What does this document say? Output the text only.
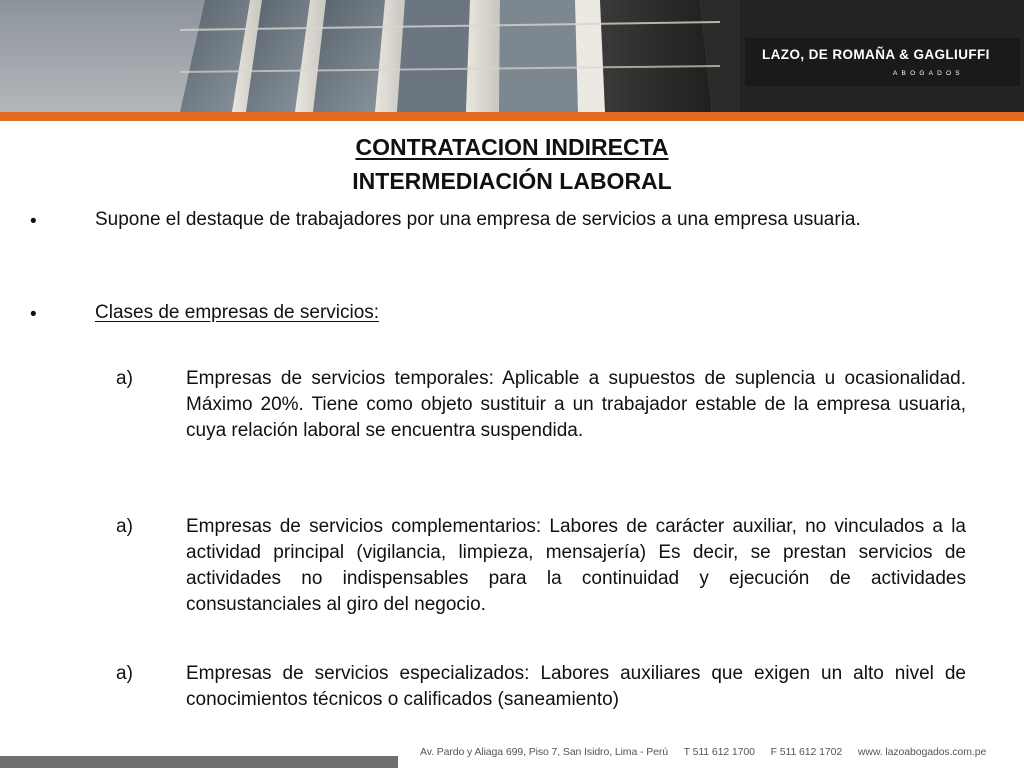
LAZO, DE ROMAÑA & GAGLIUFFI
ABOGADOS
CONTRATACION INDIRECTA
INTERMEDIACIÓN LABORAL
•	Supone el destaque de trabajadores por una empresa de servicios a una empresa usuaria.
•	Clases de empresas de servicios:
a)	Empresas de servicios temporales: Aplicable a supuestos de suplencia u ocasionalidad. Máximo 20%. Tiene como objeto sustituir a un trabajador estable de la empresa usuaria, cuya relación laboral se encuentra suspendida.
a)	Empresas de servicios complementarios: Labores de carácter auxiliar, no vinculados a la actividad principal (vigilancia, limpieza, mensajería) Es decir, se prestan servicios de actividades no indispensables para la continuidad y ejecución de actividades consustanciales al giro del negocio.
a)	Empresas de servicios especializados: Labores auxiliares que exigen un alto nivel de conocimientos técnicos o calificados (saneamiento)
Av. Pardo y Aliaga 699, Piso 7, San Isidro, Lima - Perú T 511 612 1700 F 511 612 1702 www. lazoabogados.com.pe
